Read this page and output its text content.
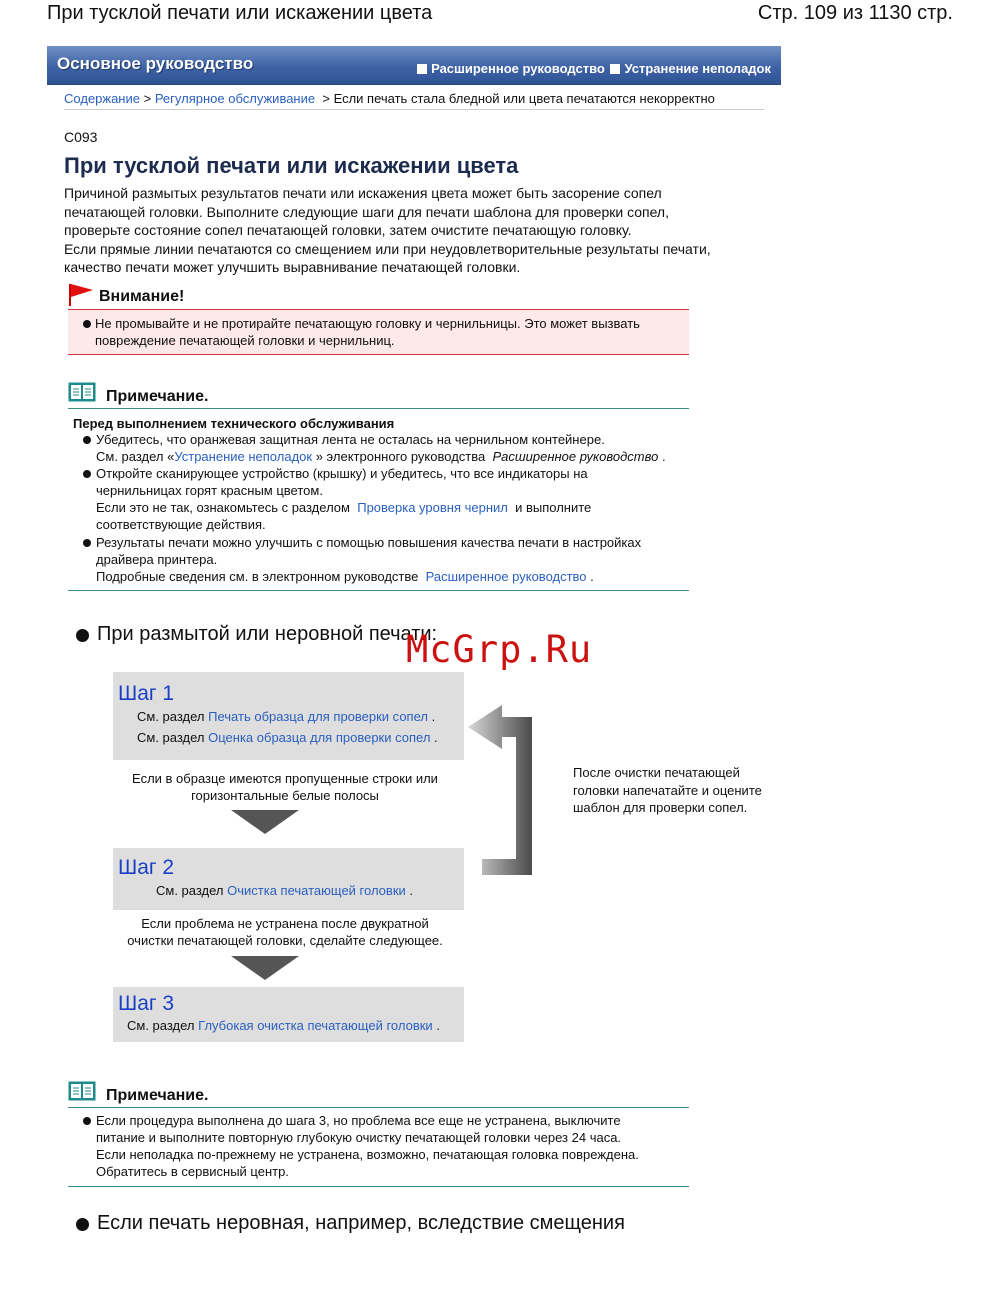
При тусклой печати или искажении цвета	Стр. 109 из 1130 стр.
Основное руководство	Расширенное руководство Устранение неполадок
Содержание > Регулярное обслуживание > Если печать стала бледной или цвета печатаются некорректно
C093
При тусклой печати или искажении цвета
Причиной размытых результатов печати или искажения цвета может быть засорение сопел
печатающей головки. Выполните следующие шаги для печати шаблона для проверки сопел,
проверьте состояние сопел печатающей головки, затем очистите печатающую головку.
Если прямые линии печатаются со смещением или при неудовлетворительные результаты печати,
качество печати может улучшить выравнивание печатающей головки.
Внимание!
Не промывайте и не протирайте печатающую головку и чернильницы. Это может вызвать
повреждение печатающей головки и чернильниц.
Примечание.
Перед выполнением технического обслуживания
Убедитесь, что оранжевая защитная лента не осталась на чернильном контейнере.
См. раздел «Устранение неполадок » электронного руководства Расширенное руководство .
Откройте сканирующее устройство (крышку) и убедитесь, что все индикаторы на
чернильницах горят красным цветом.
Если это не так, ознакомьтесь с разделом Проверка уровня чернил и выполните
соответствующие действия.
Результаты печати можно улучшить с помощью повышения качества печати в настройках
драйвера принтера.
Подробные сведения см. в электронном руководстве Расширенное руководство .
При размытой или неровной печати:
Шаг 1
См. раздел Печать образца для проверки сопел .
См. раздел Оценка образца для проверки сопел .
Если в образце имеются пропущенные строки или
горизонтальные белые полосы
Шаг 2
См. раздел Очистка печатающей головки .
Если проблема не устранена после двукратной
очистки печатающей головки, сделайте следующее.
Шаг 3
См. раздел Глубокая очистка печатающей головки .
После очистки печатающей
головки напечатайте и оцените
шаблон для проверки сопел.
Примечание.
Если процедура выполнена до шага 3, но проблема все еще не устранена, выключите
питание и выполните повторную глубокую очистку печатающей головки через 24 часа.
Если неполадка по-прежнему не устранена, возможно, печатающая головка повреждена.
Обратитесь в сервисный центр.
Если печать неровная, например, вследствие смещения
McGrp.Ru
